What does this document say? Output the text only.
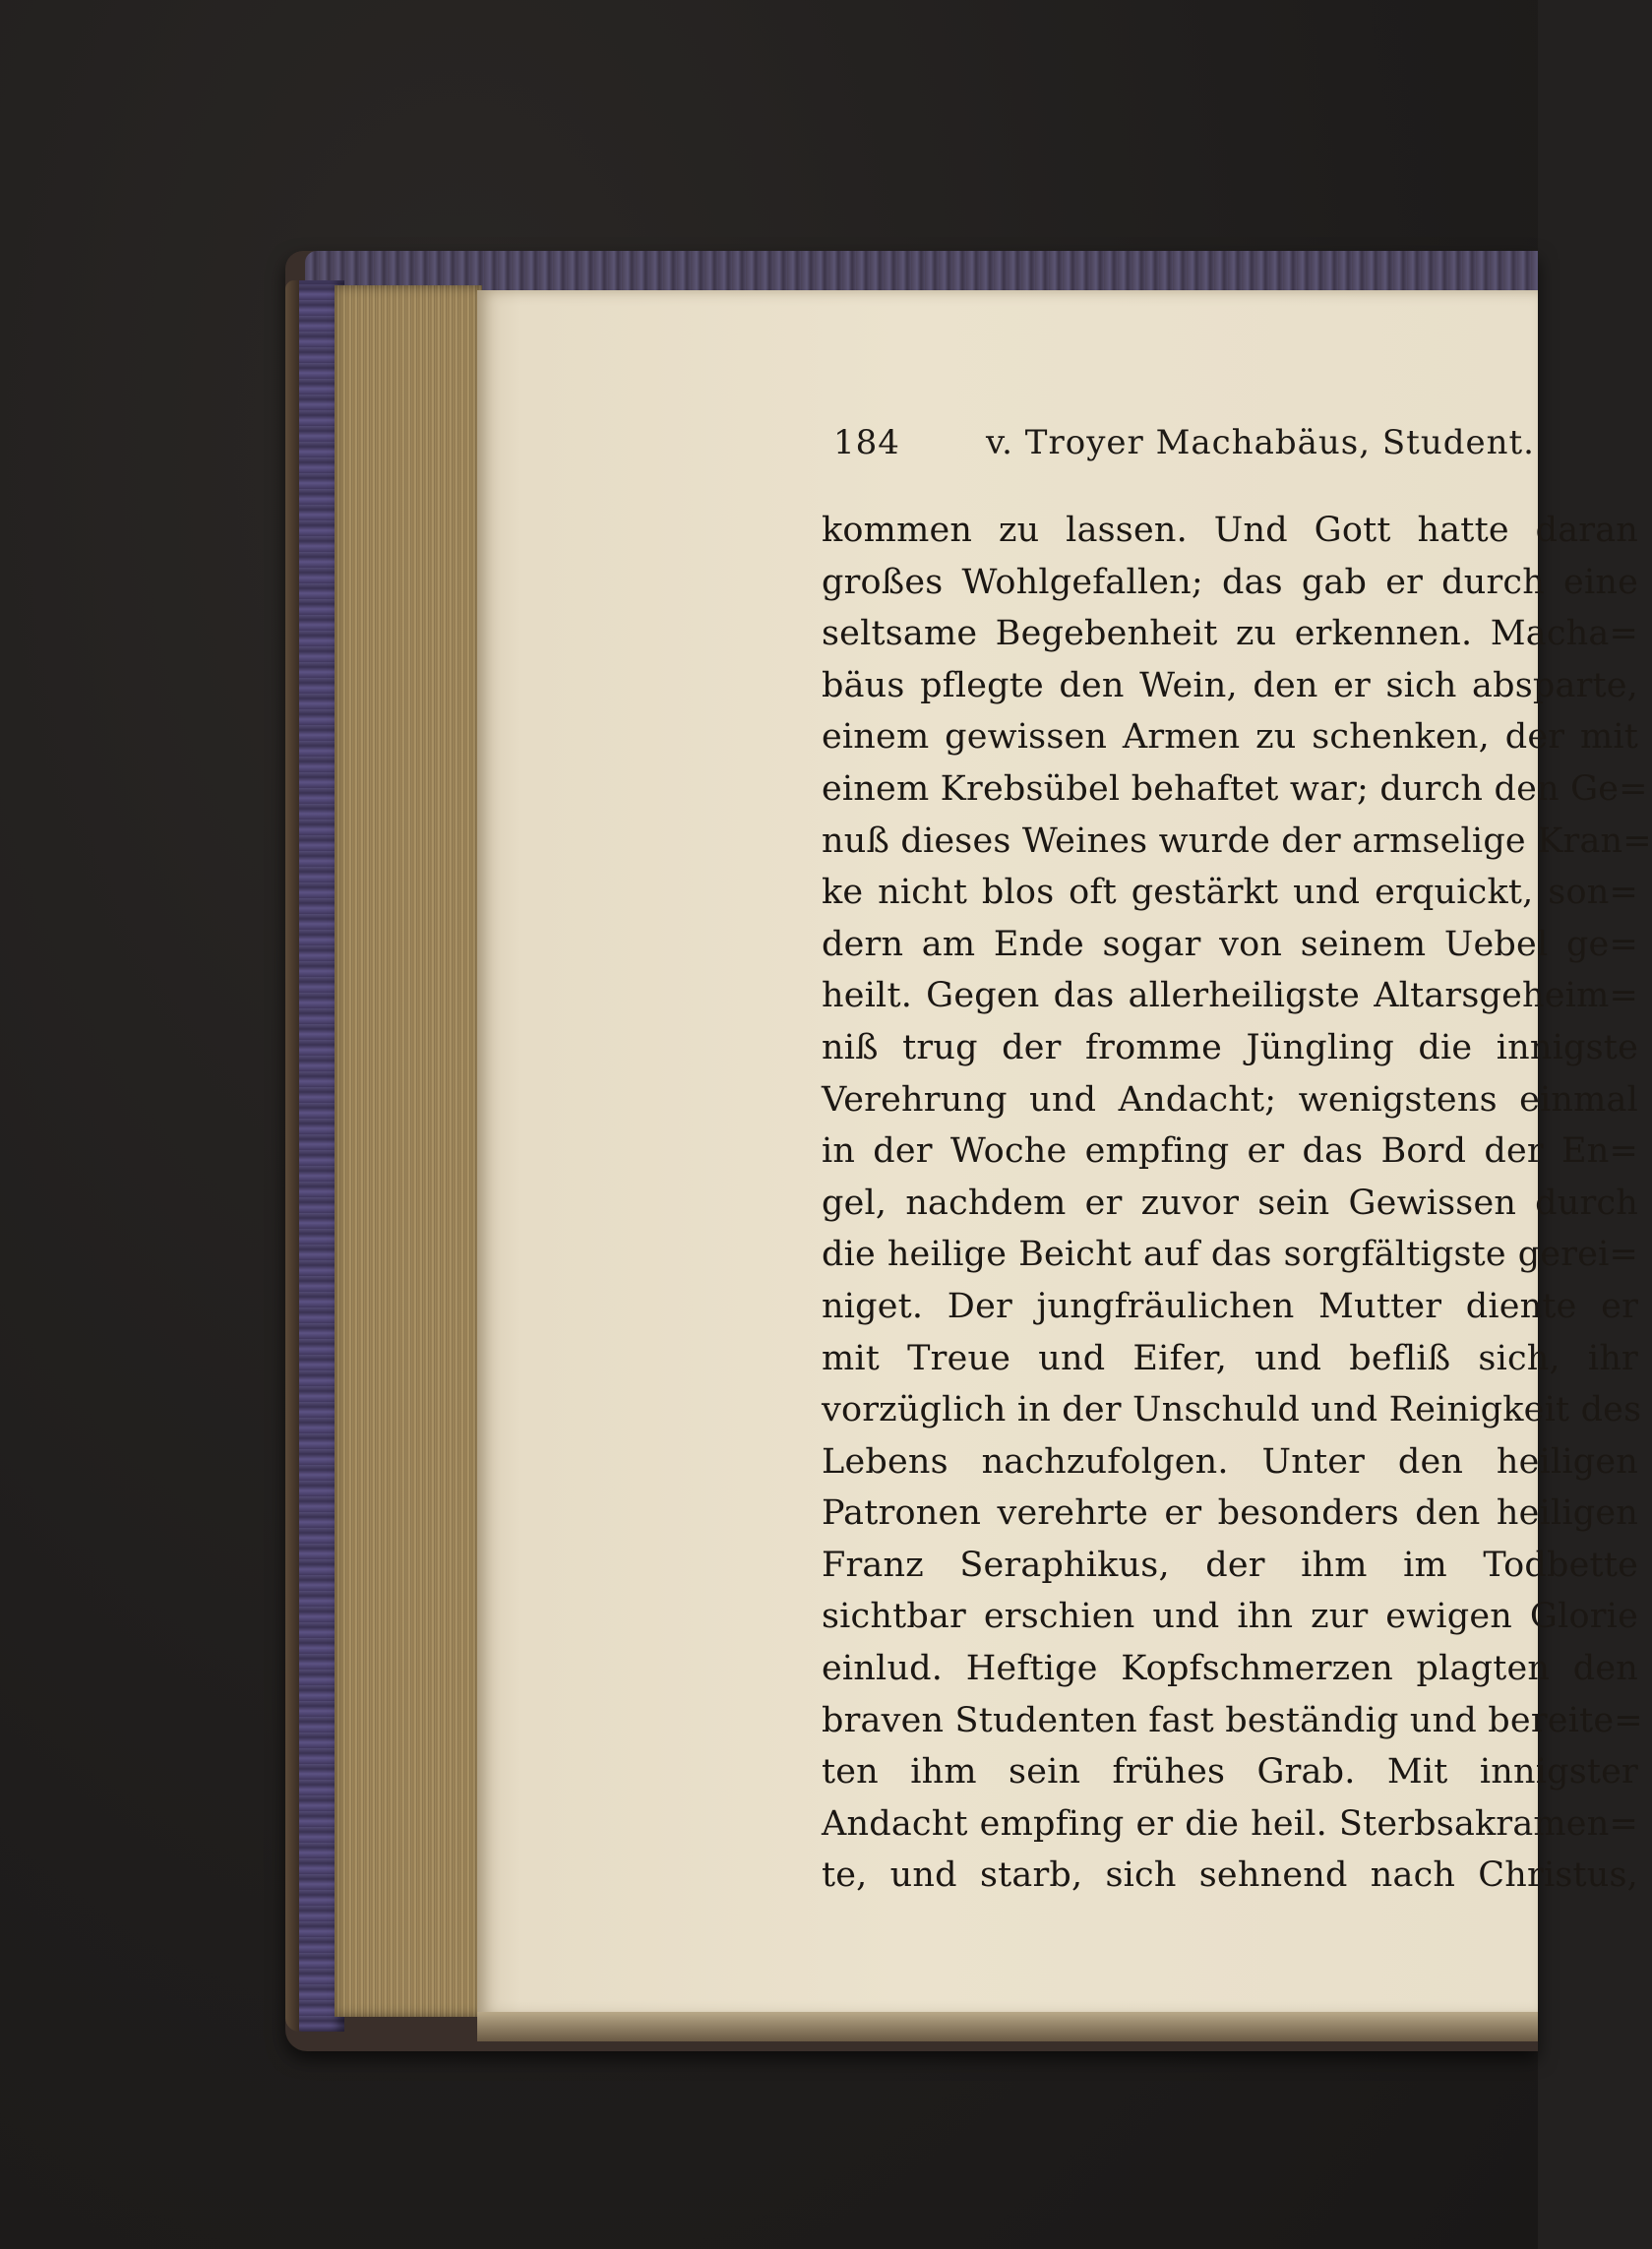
184	v. Troyer Machabäus, Student.
kommen zu lassen. Und Gott hatte daran
großes Wohlgefallen; das gab er durch eine
seltsame Begebenheit zu erkennen. Macha=
bäus pflegte den Wein, den er sich absparte,
einem gewissen Armen zu schenken, der mit
einem Krebsübel behaftet war; durch den Ge=
nuß dieses Weines wurde der armselige Kran=
ke nicht blos oft gestärkt und erquickt, son=
dern am Ende sogar von seinem Uebel ge=
heilt. Gegen das allerheiligste Altarsgeheim=
niß trug der fromme Jüngling die innigste
Verehrung und Andacht; wenigstens einmal
in der Woche empfing er das Bord der En=
gel, nachdem er zuvor sein Gewissen durch
die heilige Beicht auf das sorgfältigste gerei=
niget. Der jungfräulichen Mutter diente er
mit Treue und Eifer, und befliß sich, ihr
vorzüglich in der Unschuld und Reinigkeit des
Lebens nachzufolgen. Unter den heiligen
Patronen verehrte er besonders den heiligen
Franz Seraphikus, der ihm im Todbette
sichtbar erschien und ihn zur ewigen Glorie
einlud. Heftige Kopfschmerzen plagten den
braven Studenten fast beständig und bereite=
ten ihm sein frühes Grab. Mit innigster
Andacht empfing er die heil. Sterbsakramen=
te, und starb, sich sehnend nach Christus,
